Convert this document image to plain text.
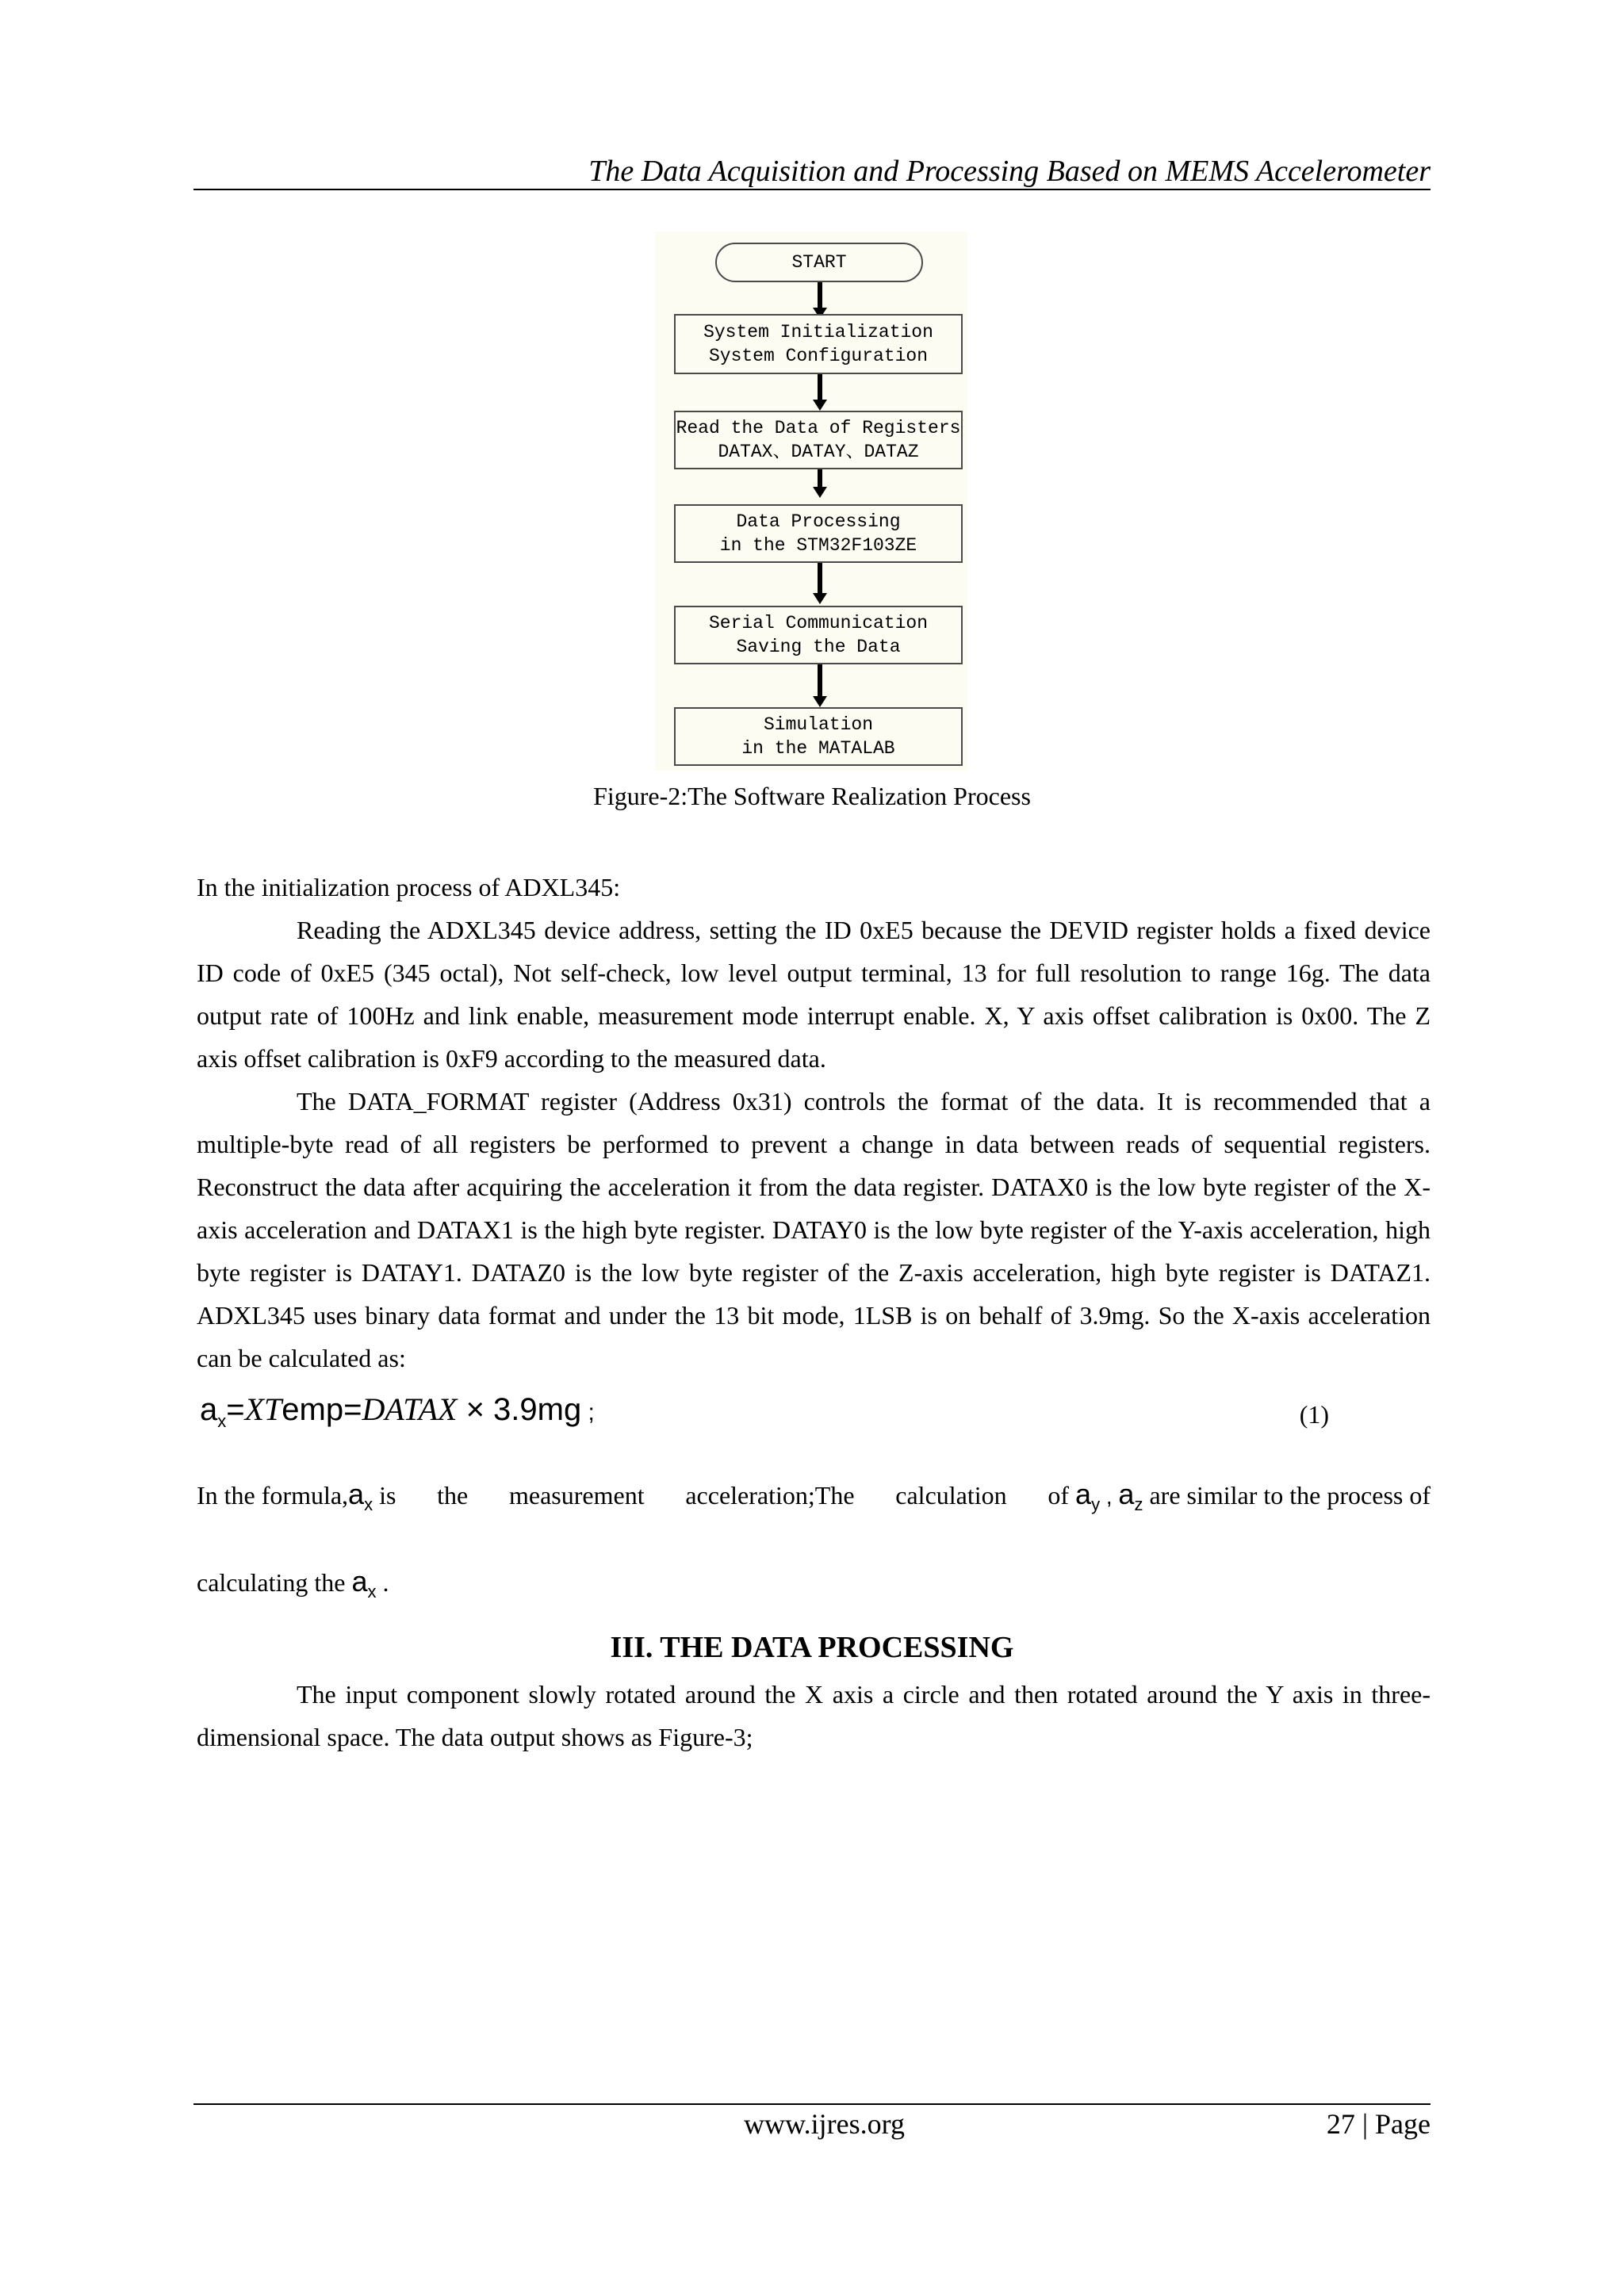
The Data Acquisition and Processing Based on MEMS Accelerometer
START
System Initialization
System Configuration
Read the Data of Registers
DATAX、DATAY、DATAZ
Data Processing
in the STM32F103ZE
Serial Communication
Saving the Data
Simulation
in the MATALAB
Figure-2:The Software Realization Process

In the initialization process of ADXL345:

Reading the ADXL345 device address, setting the ID 0xE5 because the DEVID register holds a fixed device ID code of 0xE5 (345 octal), Not self-check, low level output terminal, 13 for full resolution to range 16g. The data output rate of 100Hz and link enable, measurement mode interrupt enable. X, Y axis offset calibration is 0x00. The Z axis offset calibration is 0xF9 according to the measured data.

The DATA_FORMAT register (Address 0x31) controls the format of the data. It is recommended that a multiple-byte read of all registers be performed to prevent a change in data between reads of sequential registers. Reconstruct the data after acquiring the acceleration it from the data register. DATAX0 is the low byte register of the X-axis acceleration and DATAX1 is the high byte register. DATAY0 is the low byte register of the Y-axis acceleration, high byte register is DATAY1. DATAZ0 is the low byte register of the Z-axis acceleration, high byte register is DATAZ1. ADXL345 uses binary data format and under the 13 bit mode, 1LSB is on behalf of 3.9mg. So the X-axis acceleration can be calculated as:

$a_x=XTemp=DATAX \times 3.9mg$ ;	(1)
In the formula, $a_x$ is the measurement acceleration;The calculation of $a_y$ , $a_z$ are similar to the process of
calculating the $a_x$ .
III. THE DATA PROCESSING

The input component slowly rotated around the X axis a circle and then rotated around the Y axis in three-dimensional space. The data output shows as Figure-3;

www.ijres.org	27 | Page
